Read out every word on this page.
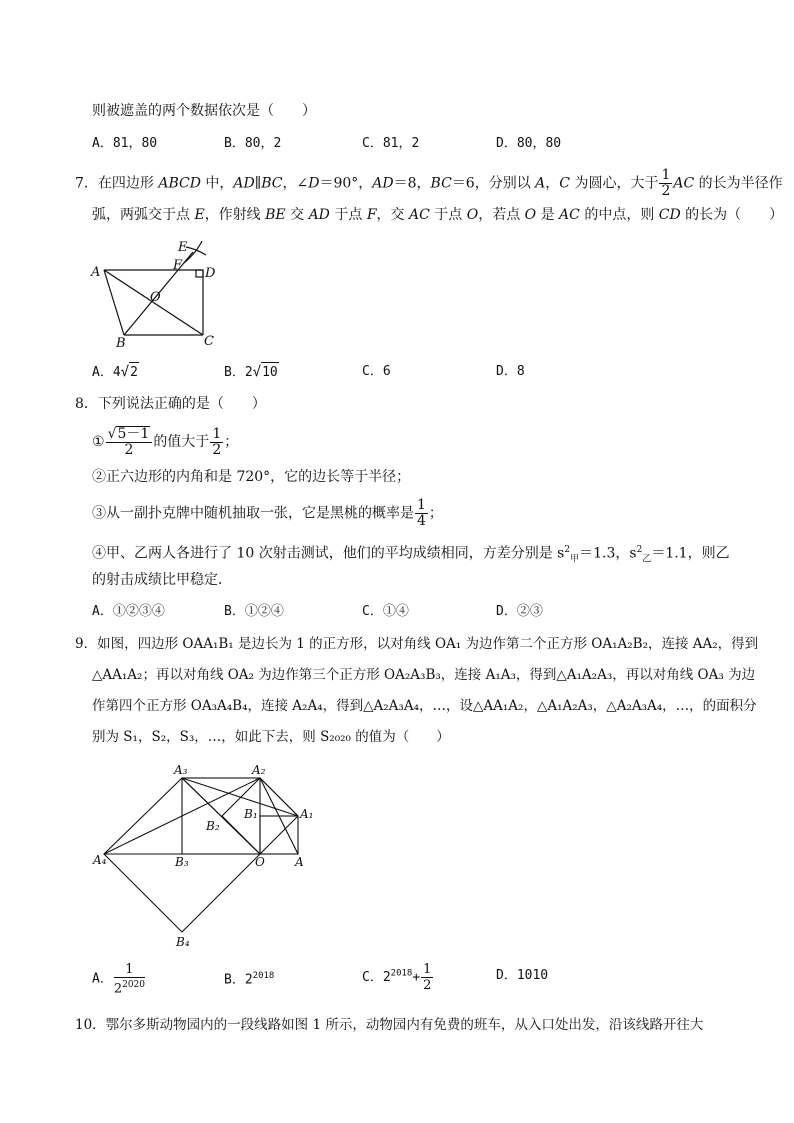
则被遮盖的两个数据依次是（　　）
A．81，80	B．80，2	C．81，2	D．80，80
7．在四边形 ABCD 中，AD∥BC，∠D＝90°，AD＝8，BC＝6，分别以 A，C 为圆心，大于 $\frac{1}{2}$ AC 的长为半径作
弧，两弧交于点 E，作射线 BE 交 AD 于点 F，交 AC 于点 O，若点 O 是 AC 的中点，则 CD 的长为（　　）
A
E
F
D
O
B	C
A．4√2	B．2√10	C．6	D．8
8．下列说法正确的是（　　）
① $\frac{√5-1}{2}$ 的值大于 $\frac{1}{2}$ ；
②正六边形的内角和是 720°，它的边长等于半径；
③从一副扑克牌中随机抽取一张，它是黑桃的概率是 $\frac{1}{4}$ ；
④甲、乙两人各进行了 10 次射击测试，他们的平均成绩相同，方差分别是 $s^2_甲=1.3$，$s^2_乙=1.1$，则乙
的射击成绩比甲稳定．
A．①②③④	B．①②④	C．①④	D．②③
9．如图，四边形 OAA₁B₁ 是边长为 1 的正方形，以对角线 OA₁ 为边作第二个正方形 OA₁A₂B₂，连接 AA₂，得到
△AA₁A₂；再以对角线 OA₂ 为边作第三个正方形 OA₂A₃B₃，连接 A₁A₃，得到△A₁A₂A₃，再以对角线 OA₃ 为边
作第四个正方形 OA₃A₄B₄，连接 A₂A₄，得到△A₂A₃A₄，…，设△AA₁A₂，△A₁A₂A₃，△A₂A₃A₄，…，的面积分
别为 S₁，S₂，S₃，…，如此下去，则 S₂₀₂₀ 的值为（　　）
A₃	A₂
A₁
B₁
B₂
A₄	B₃	O	A
B₄
A． $\frac{1}{2^{2020}}$	B．$2^{2018}$	C．$2^{2018}+ \frac{1}{2}$	D．1010
10．鄂尔多斯动物园内的一段线路如图 1 所示，动物园内有免费的班车，从入口处出发，沿该线路开往大
